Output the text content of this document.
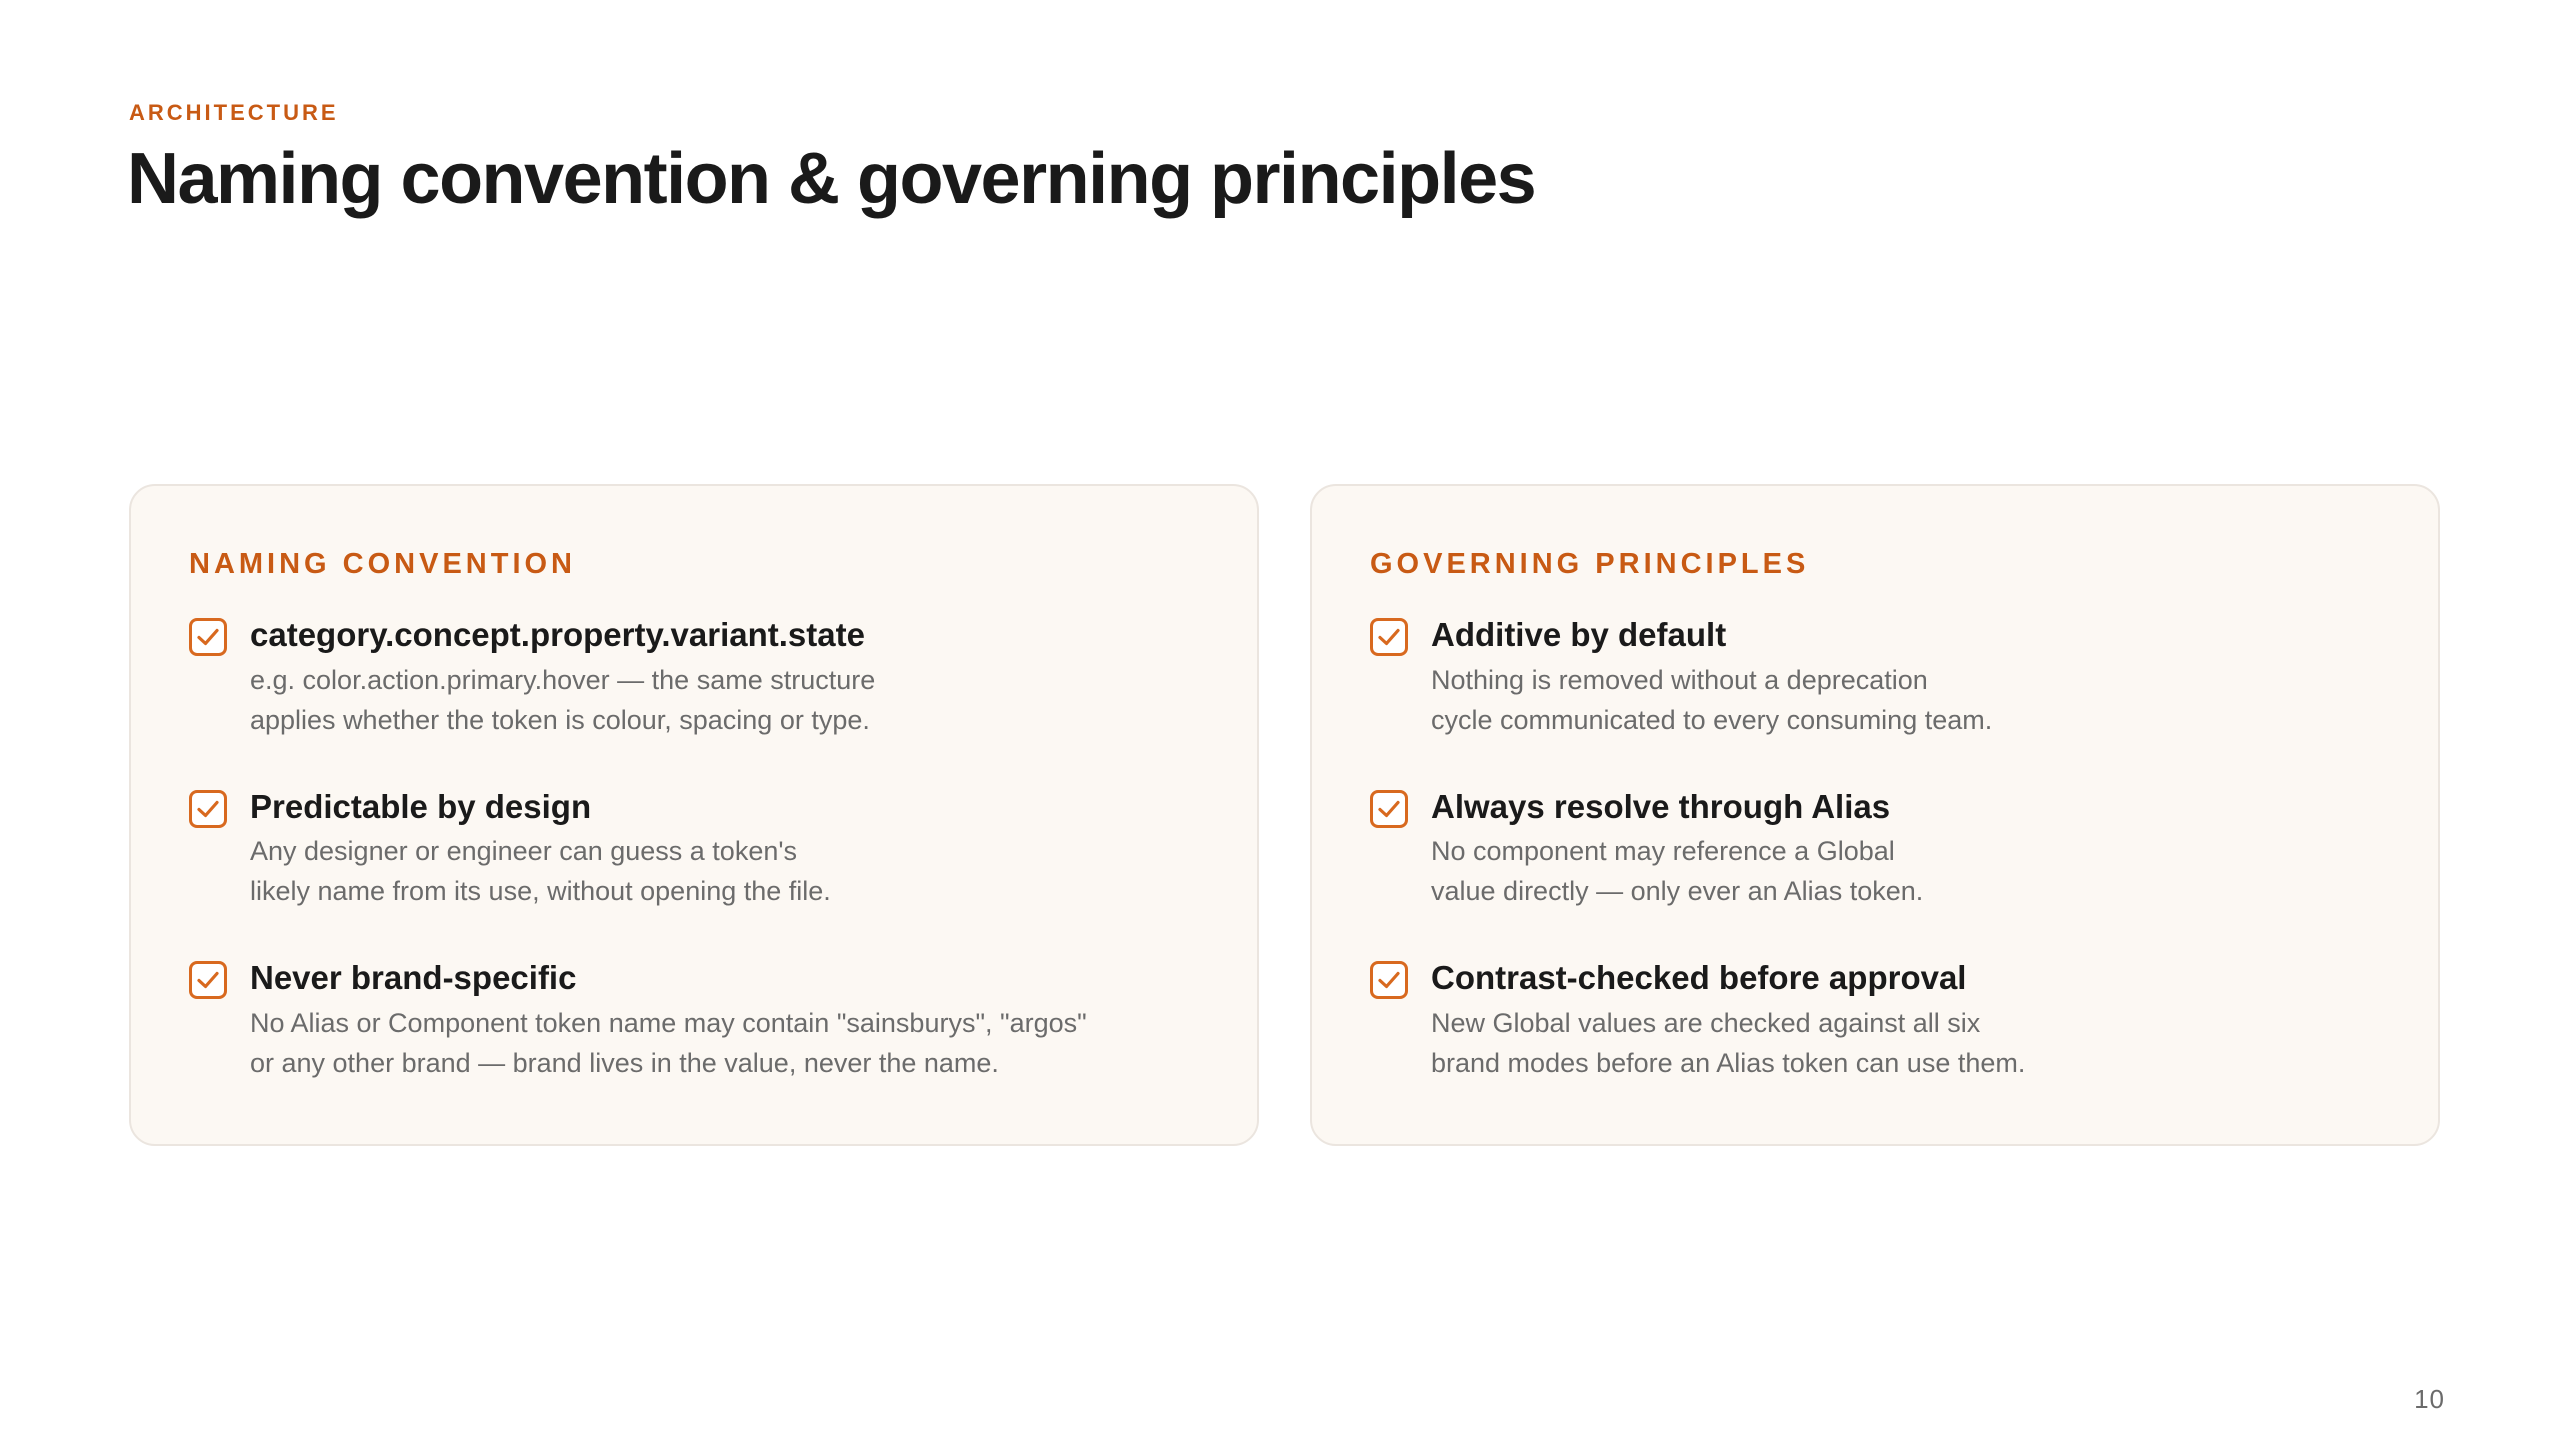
ARCHITECTURE
Naming convention & governing principles
NAMING CONVENTION
category.concept.property.variant.state
e.g. color.action.primary.hover — the same structure
applies whether the token is colour, spacing or type.
Predictable by design
Any designer or engineer can guess a token's
likely name from its use, without opening the file.
Never brand-specific
No Alias or Component token name may contain "sainsburys", "argos"
or any other brand — brand lives in the value, never the name.
GOVERNING PRINCIPLES
Additive by default
Nothing is removed without a deprecation
cycle communicated to every consuming team.
Always resolve through Alias
No component may reference a Global
value directly — only ever an Alias token.
Contrast-checked before approval
New Global values are checked against all six
brand modes before an Alias token can use them.
10
